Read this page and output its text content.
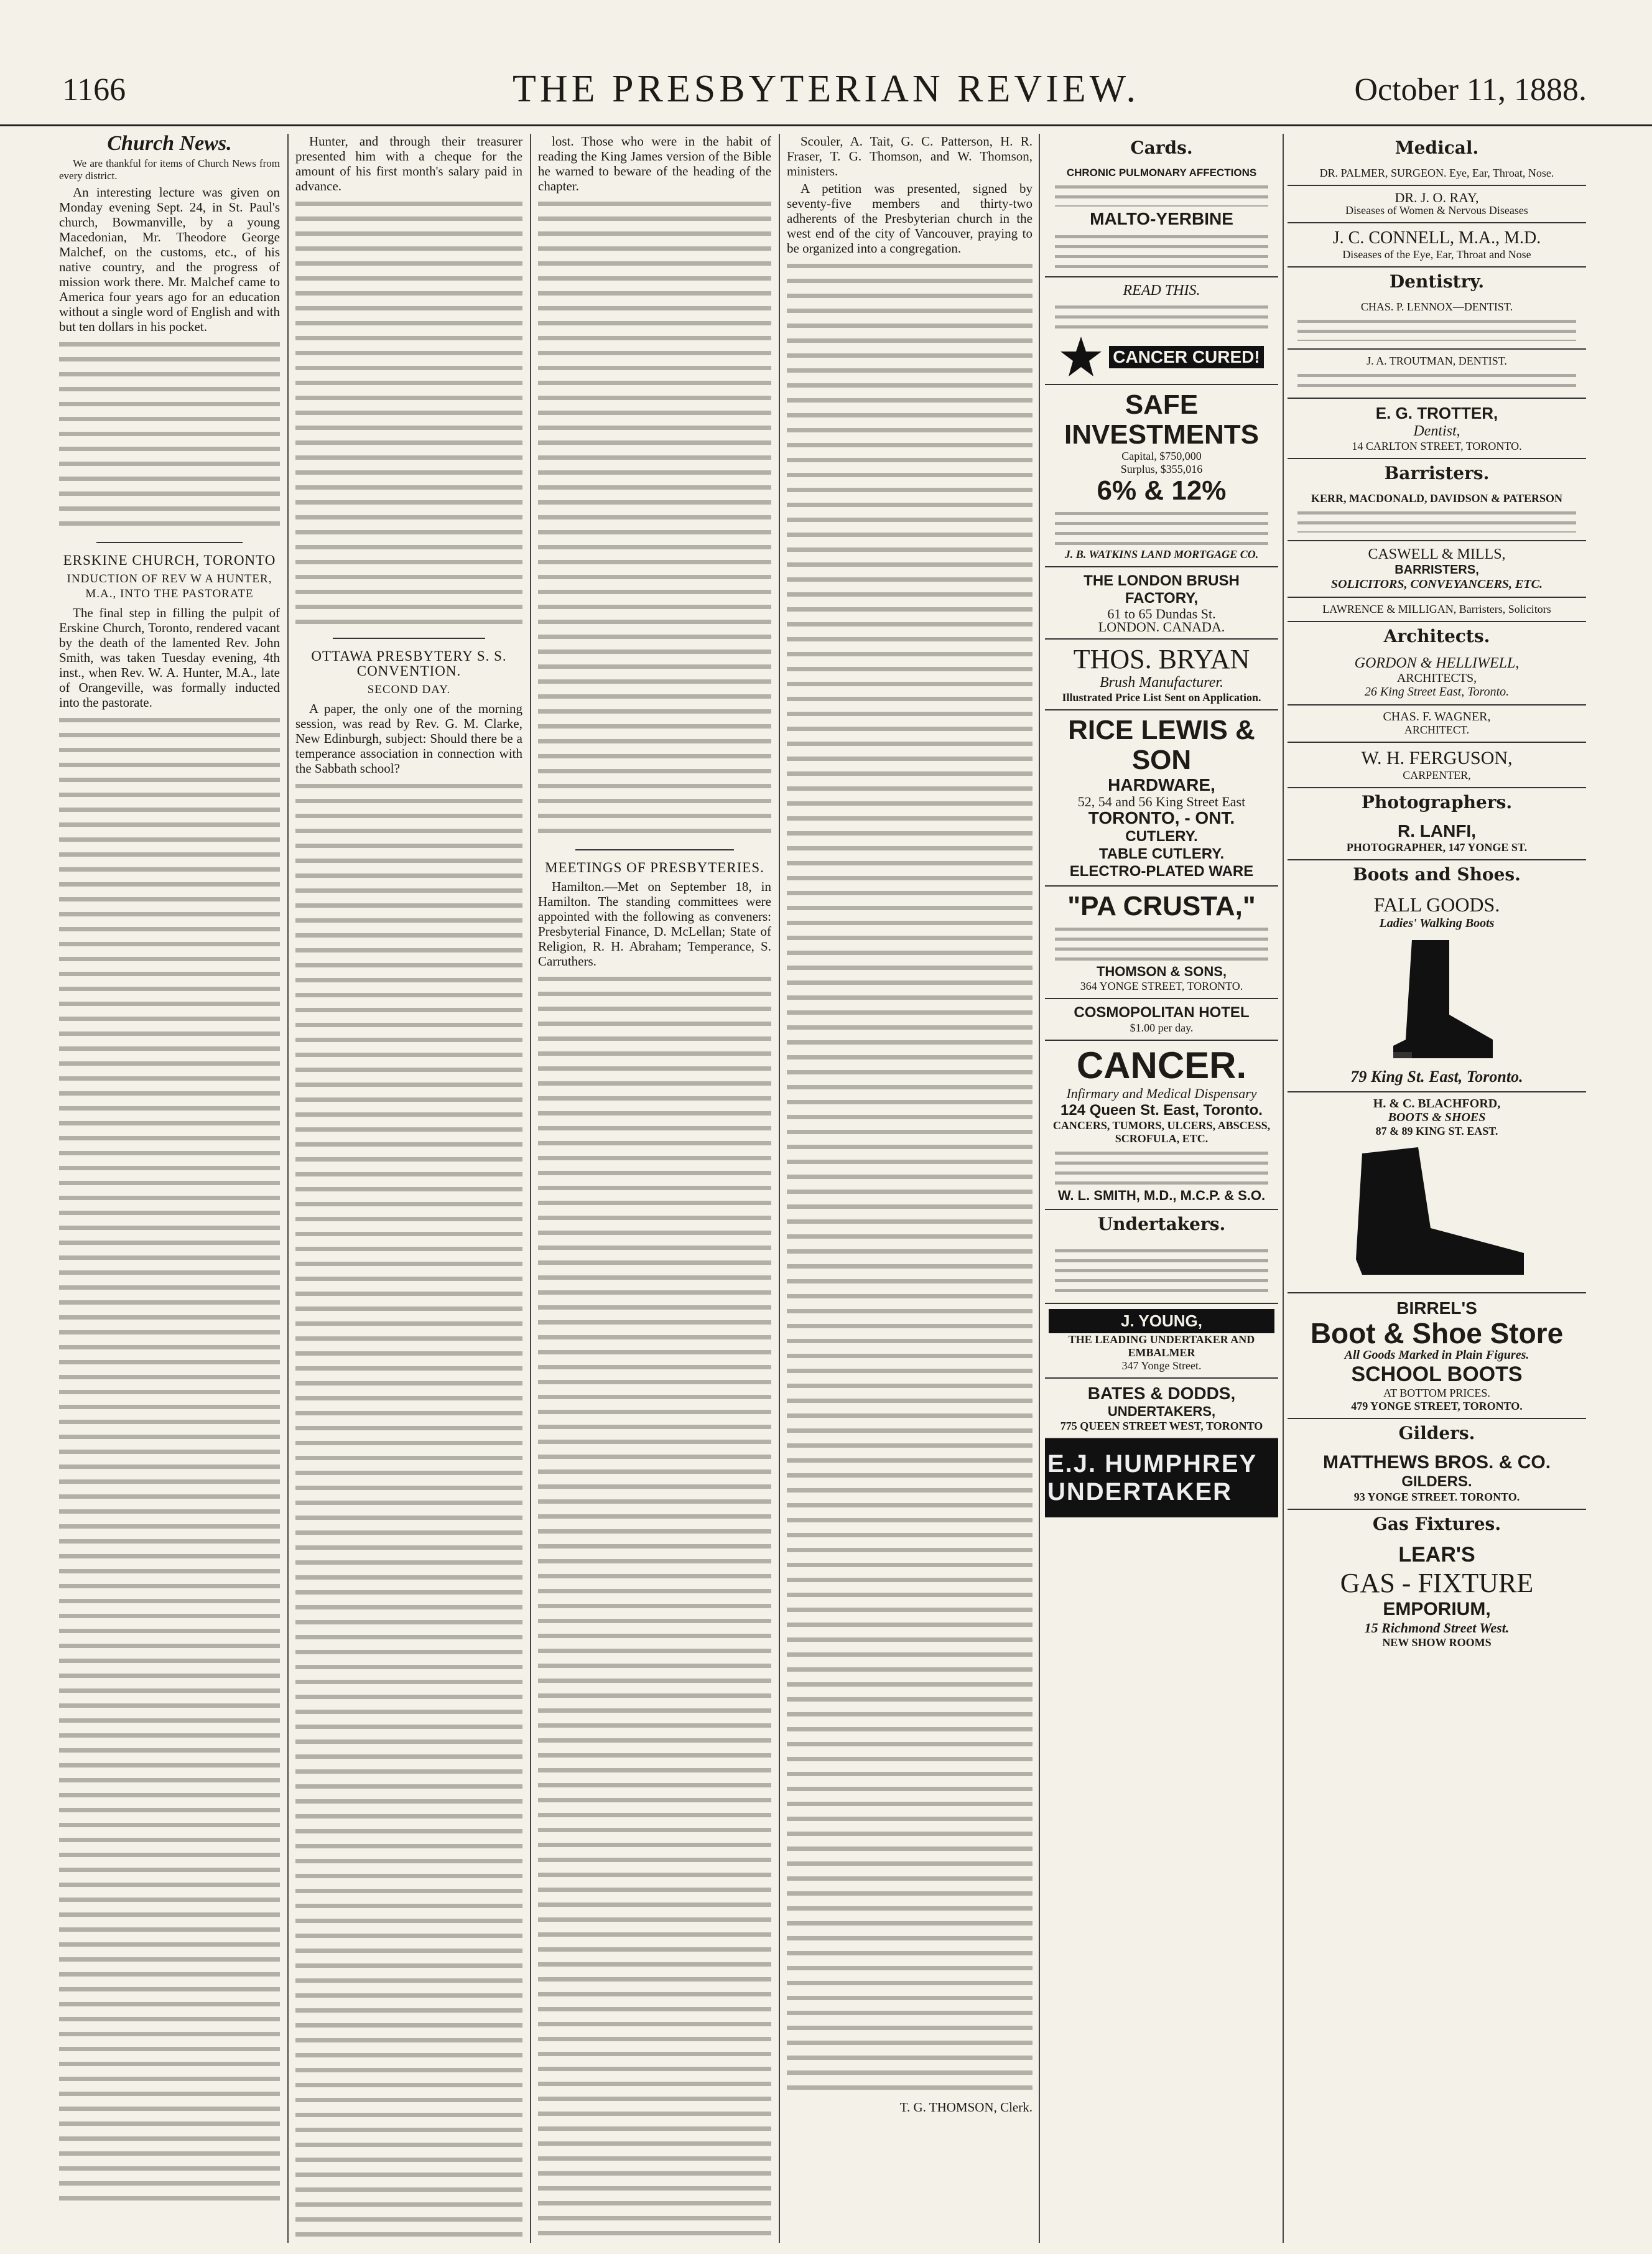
1166	THE PRESBYTERIAN REVIEW.	October 11, 1888.
Church News.

We are thankful for items of Church News from every district.

An interesting lecture was given on Monday evening Sept. 24, in St. Paul's church, Bowmanville, by a young Macedonian, Mr. Theodore George Malchef, on the customs, etc., of his native country, and the progress of mission work there. Mr. Malchef came to America four years ago for an education without a single word of English and with but ten dollars in his pocket.

ERSKINE CHURCH, TORONTO
INDUCTION OF REV W A HUNTER, M.A., INTO THE PASTORATE

The final step in filling the pulpit of Erskine Church, Toronto, rendered vacant by the death of the lamented Rev. John Smith, was taken Tuesday evening, 4th inst., when Rev. W. A. Hunter, M.A., late of Orangeville, was formally inducted into the pastorate.

Hunter, and through their treasurer presented him with a cheque for the amount of his first month's salary paid in advance.

OTTAWA PRESBYTERY S. S. CONVENTION.
SECOND DAY.

A paper, the only one of the morning session, was read by Rev. G. M. Clarke, New Edinburgh, subject: Should there be a temperance association in connection with the Sabbath school?

lost. Those who were in the habit of reading the King James version of the Bible he warned to beware of the heading of the chapter.

MEETINGS OF PRESBYTERIES.

Hamilton.—Met on September 18, in Hamilton. The standing committees were appointed with the following as conveners: Presbyterial Finance, D. McLellan; State of Religion, R. H. Abraham; Temperance, S. Carruthers.

Scouler, A. Tait, G. C. Patterson, H. R. Fraser, T. G. Thomson, and W. Thomson, ministers.

A petition was presented, signed by seventy-five members and thirty-two adherents of the Presbyterian church in the west end of the city of Vancouver, praying to be organized into a congregation.

T. G. THOMSON, Clerk.

Cards.
CHRONIC PULMONARY AFFECTIONS
MALTO-YERBINE
READ THIS.
CANCER CURED!
SAFE INVESTMENTS
Capital, $750,000
Surplus, $355,016
6% & 12%
J. B. WATKINS LAND MORTGAGE CO.
THE LONDON BRUSH FACTORY,
61 to 65 Dundas St.
LONDON. CANADA.
THOS. BRYAN
Brush Manufacturer.
Illustrated Price List Sent on Application.
RICE LEWIS & SON
HARDWARE,
52, 54 and 56 King Street East
TORONTO, - ONT.
CUTLERY.
TABLE CUTLERY.
ELECTRO-PLATED WARE
"PA CRUSTA,"
THOMSON & SONS,
364 YONGE STREET, TORONTO.
COSMOPOLITAN HOTEL
$1.00 per day.
CANCER.
Infirmary and Medical Dispensary
124 Queen St. East, Toronto.
CANCERS, TUMORS, ULCERS, ABSCESS, SCROFULA, ETC.
W. L. SMITH, M.D., M.C.P. & S.O.
Undertakers.
J. YOUNG,
THE LEADING UNDERTAKER AND EMBALMER
347 Yonge Street.
BATES & DODDS,
UNDERTAKERS,
775 QUEEN STREET WEST, TORONTO
E.J. HUMPHREY UNDERTAKER
Medical.
DR. PALMER, SURGEON. Eye, Ear, Throat, Nose.
DR. J. O. RAY,
Diseases of Women & Nervous Diseases
J. C. CONNELL, M.A., M.D.
Diseases of the Eye, Ear, Throat and Nose
Dentistry.
CHAS. P. LENNOX—DENTIST.
J. A. TROUTMAN, DENTIST.
E. G. TROTTER,
Dentist,
14 CARLTON STREET, TORONTO.
Barristers.
KERR, MACDONALD, DAVIDSON & PATERSON
CASWELL & MILLS,
BARRISTERS,
SOLICITORS, CONVEYANCERS, ETC.
LAWRENCE & MILLIGAN, Barristers, Solicitors
Architects.
GORDON & HELLIWELL,
ARCHITECTS,
26 King Street East, Toronto.
CHAS. F. WAGNER,
ARCHITECT.
W. H. FERGUSON,
CARPENTER,
Photographers.
R. LANFI,
PHOTOGRAPHER, 147 YONGE ST.
Boots and Shoes.
FALL GOODS.
Ladies' Walking Boots
79 King St. East, Toronto.
H. & C. BLACHFORD,
BOOTS & SHOES
87 & 89 KING ST. EAST.
BIRREL'S
Boot & Shoe Store
All Goods Marked in Plain Figures.
SCHOOL BOOTS
AT BOTTOM PRICES.
479 YONGE STREET, TORONTO.
Gilders.
MATTHEWS BROS. & CO.
GILDERS.
93 YONGE STREET. TORONTO.
Gas Fixtures.
LEAR'S
GAS - FIXTURE
EMPORIUM,
15 Richmond Street West.
NEW SHOW ROOMS
